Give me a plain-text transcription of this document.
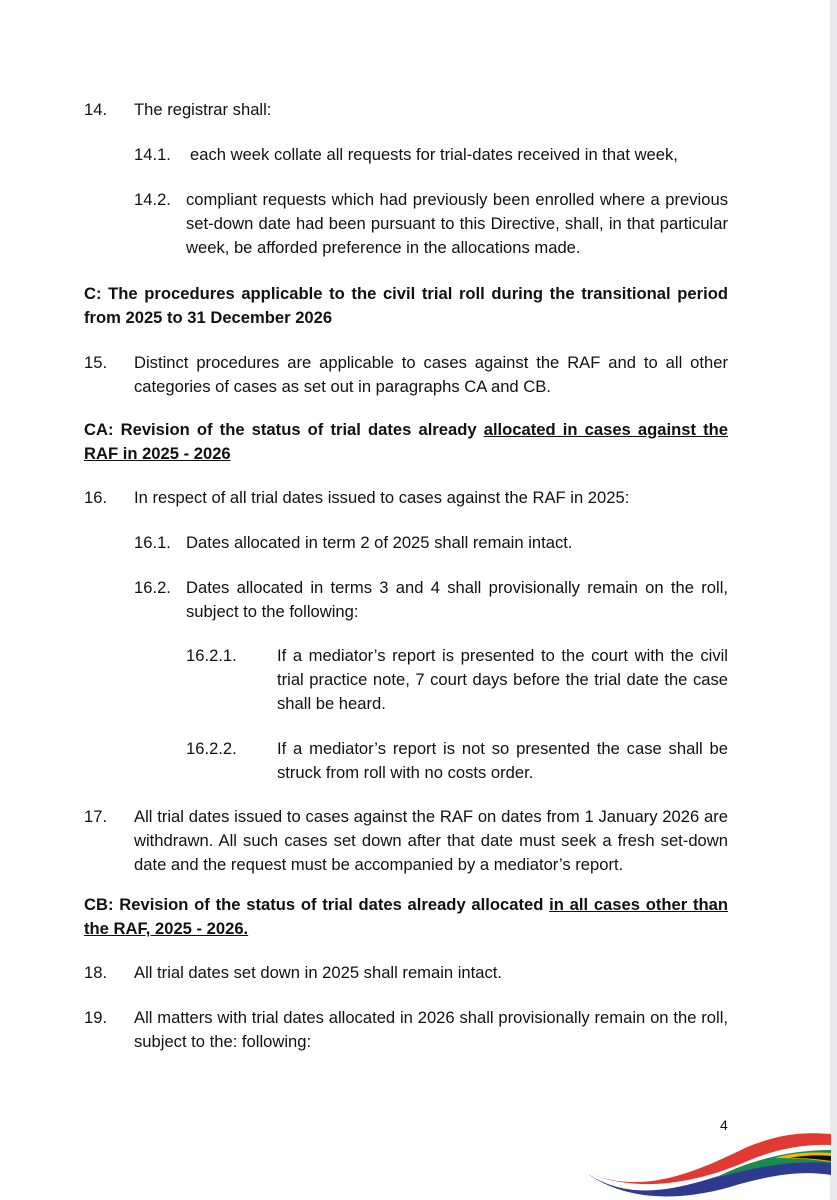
14. The registrar shall:
14.1. each week collate all requests for trial-dates received in that week,
14.2. compliant requests which had previously been enrolled where a previous set-down date had been pursuant to this Directive, shall, in that particular week, be afforded preference in the allocations made.
C: The procedures applicable to the civil trial roll during the transitional period from 2025 to 31 December 2026
15. Distinct procedures are applicable to cases against the RAF and to all other categories of cases as set out in paragraphs CA and CB.
CA: Revision of the status of trial dates already allocated in cases against the RAF in 2025 - 2026
16. In respect of all trial dates issued to cases against the RAF in 2025:
16.1. Dates allocated in term 2 of 2025 shall remain intact.
16.2. Dates allocated in terms 3 and 4 shall provisionally remain on the roll, subject to the following:
16.2.1. If a mediator’s report is presented to the court with the civil trial practice note, 7 court days before the trial date the case shall be heard.
16.2.2. If a mediator’s report is not so presented the case shall be struck from roll with no costs order.
17. All trial dates issued to cases against the RAF on dates from 1 January 2026 are withdrawn. All such cases set down after that date must seek a fresh set-down date and the request must be accompanied by a mediator’s report.
CB: Revision of the status of trial dates already allocated in all cases other than the RAF, 2025 - 2026.
18. All trial dates set down in 2025 shall remain intact.
19. All matters with trial dates allocated in 2026 shall provisionally remain on the roll, subject to the: following:
4
